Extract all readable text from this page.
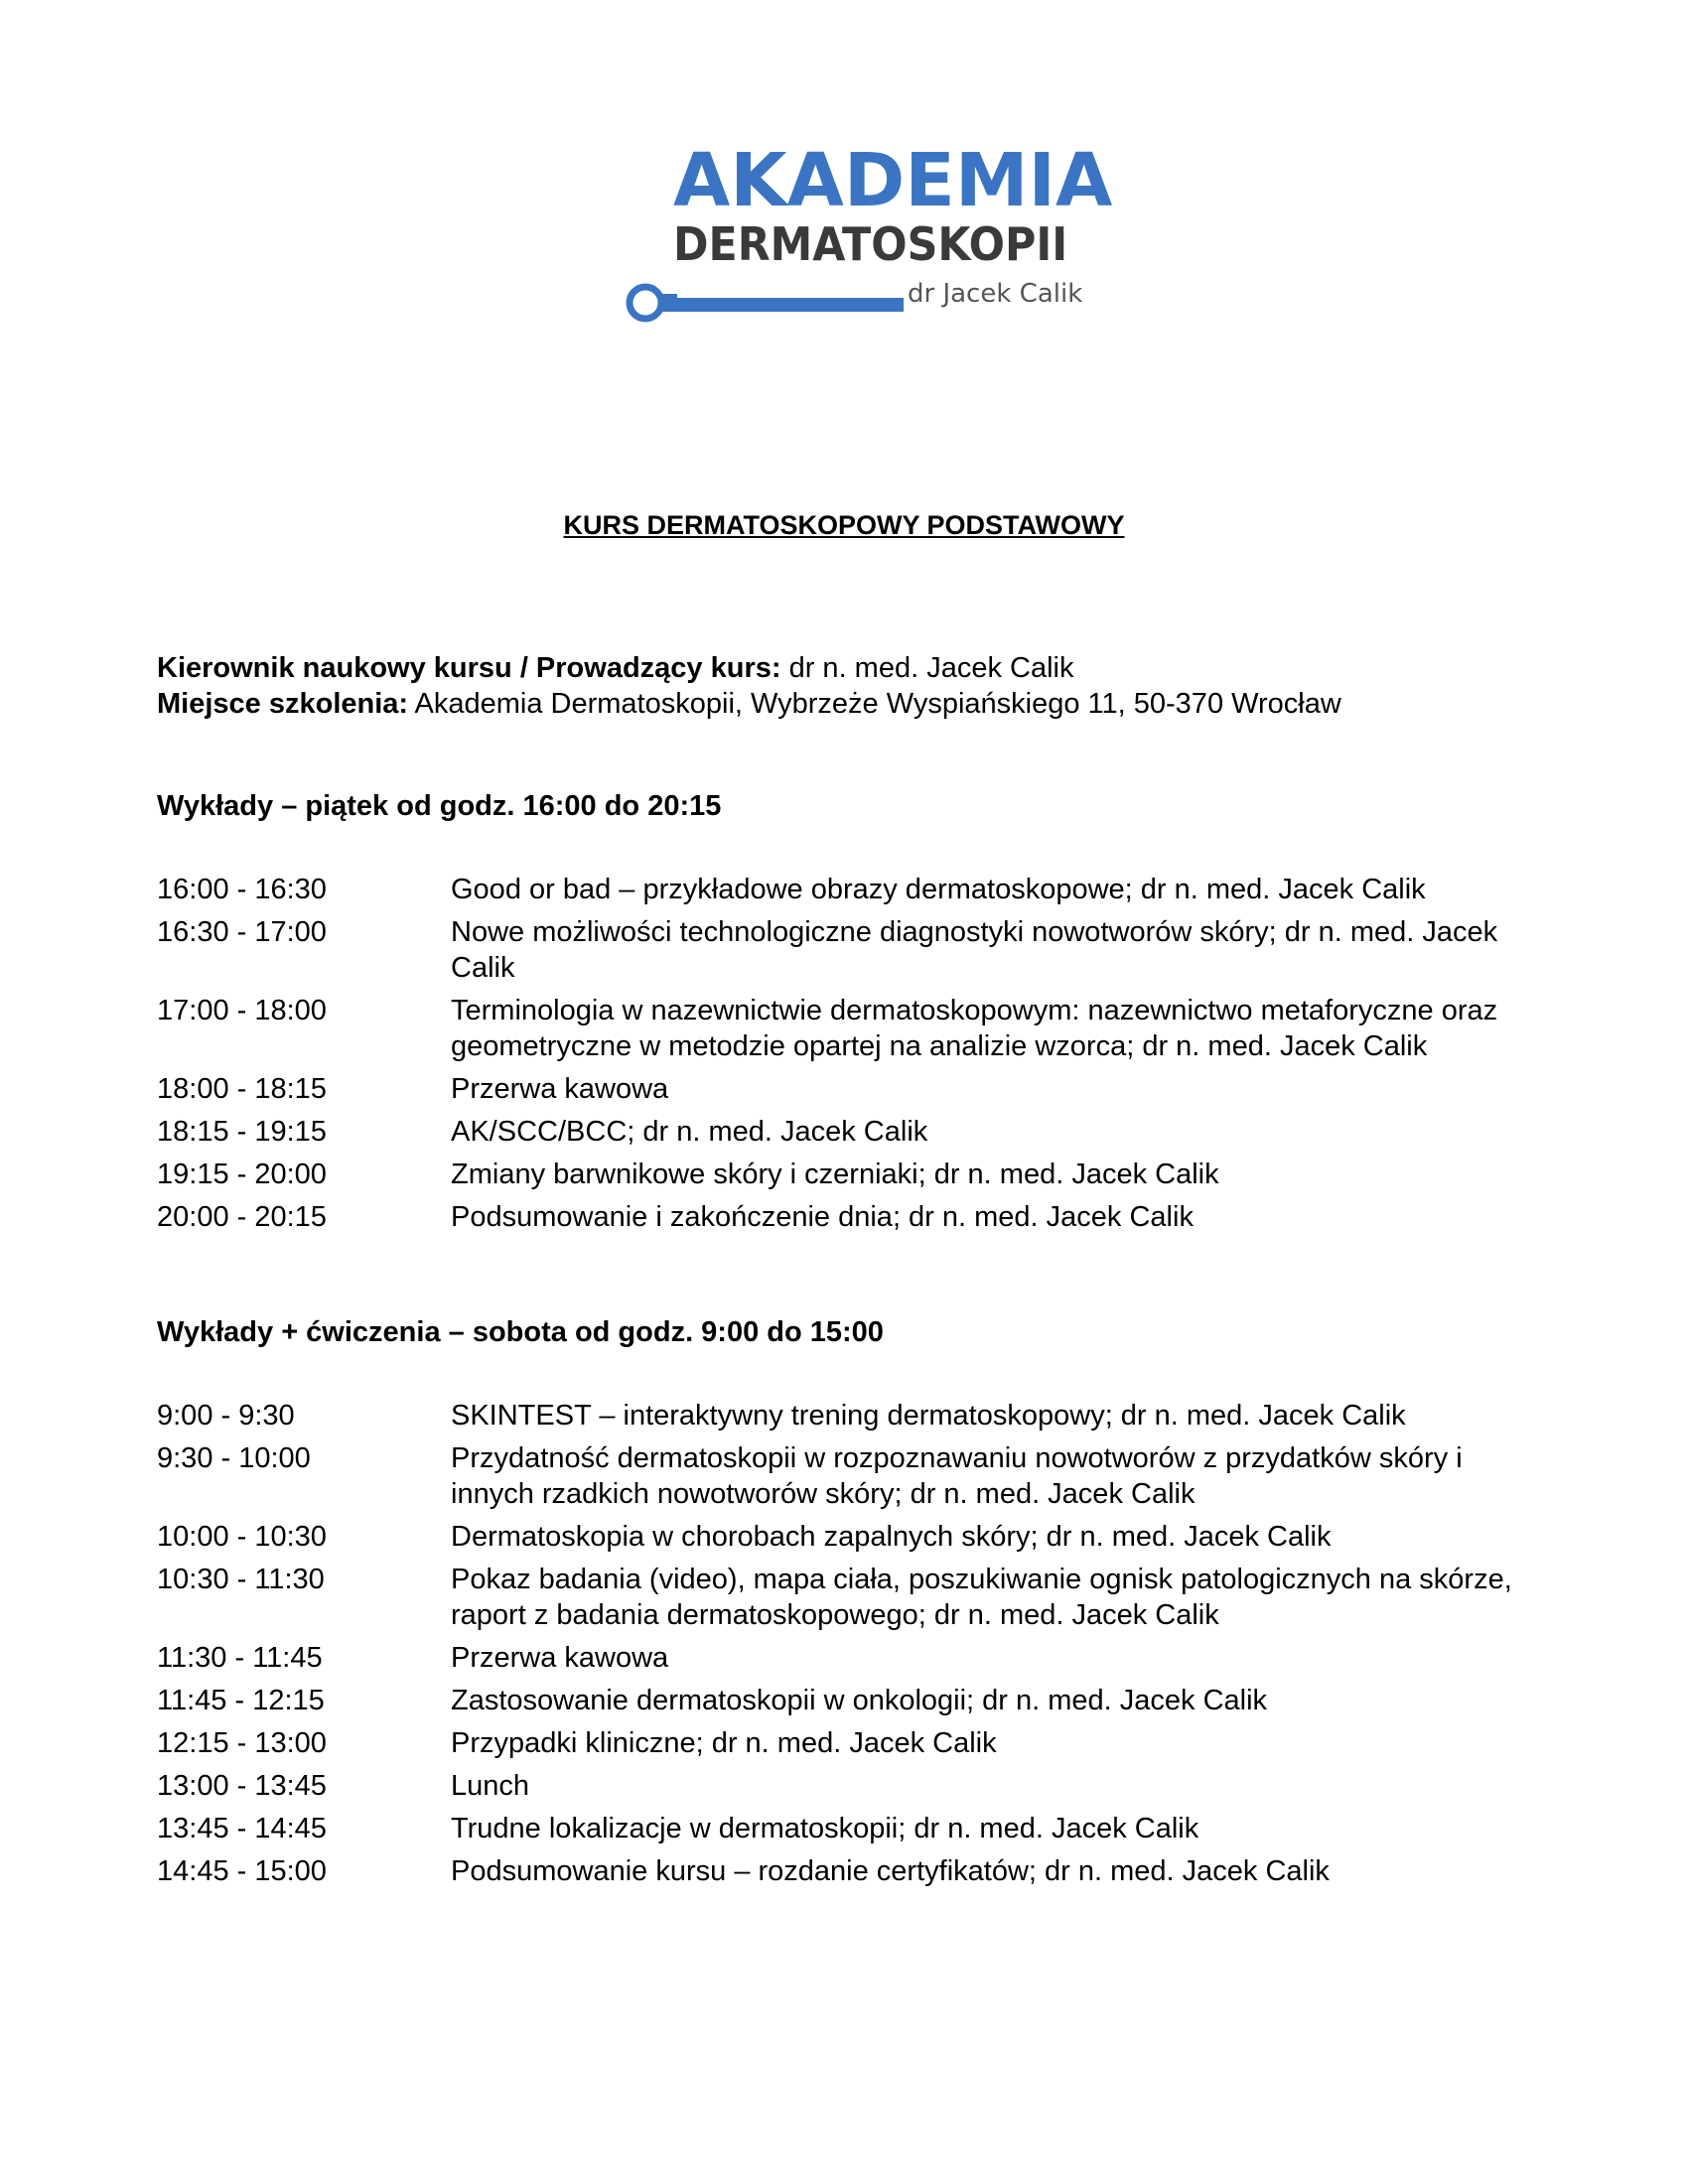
AKADEMIA
DERMATOSKOPII
dr Jacek Calik
KURS DERMATOSKOPOWY PODSTAWOWY
Kierownik naukowy kursu / Prowadzący kurs: dr n. med. Jacek Calik
Miejsce szkolenia: Akademia Dermatoskopii, Wybrzeże Wyspiańskiego 11, 50-370 Wrocław
Wykłady – piątek od godz. 16:00 do 20:15
16:00 - 16:30	Good or bad – przykładowe obrazy dermatoskopowe; dr n. med. Jacek Calik
16:30 - 17:00	Nowe możliwości technologiczne diagnostyki nowotworów skóry; dr n. med. Jacek Calik
17:00 - 18:00	Terminologia w nazewnictwie dermatoskopowym: nazewnictwo metaforyczne oraz geometryczne w metodzie opartej na analizie wzorca; dr n. med. Jacek Calik
18:00 - 18:15	Przerwa kawowa
18:15 - 19:15	AK/SCC/BCC; dr n. med. Jacek Calik
19:15 - 20:00	Zmiany barwnikowe skóry i czerniaki; dr n. med. Jacek Calik
20:00 - 20:15	Podsumowanie i zakończenie dnia; dr n. med. Jacek Calik
Wykłady + ćwiczenia – sobota od godz. 9:00 do 15:00
9:00 - 9:30	SKINTEST – interaktywny trening dermatoskopowy; dr n. med. Jacek Calik
9:30 - 10:00	Przydatność dermatoskopii w rozpoznawaniu nowotworów z przydatków skóry i innych rzadkich nowotworów skóry; dr n. med. Jacek Calik
10:00 - 10:30	Dermatoskopia w chorobach zapalnych skóry; dr n. med. Jacek Calik
10:30 - 11:30	Pokaz badania (video), mapa ciała, poszukiwanie ognisk patologicznych na skórze, raport z badania dermatoskopowego; dr n. med. Jacek Calik
11:30 - 11:45	Przerwa kawowa
11:45 - 12:15	Zastosowanie dermatoskopii w onkologii; dr n. med. Jacek Calik
12:15 - 13:00	Przypadki kliniczne; dr n. med. Jacek Calik
13:00 - 13:45	Lunch
13:45 - 14:45	Trudne lokalizacje w dermatoskopii; dr n. med. Jacek Calik
14:45 - 15:00	Podsumowanie kursu – rozdanie certyfikatów; dr n. med. Jacek Calik
